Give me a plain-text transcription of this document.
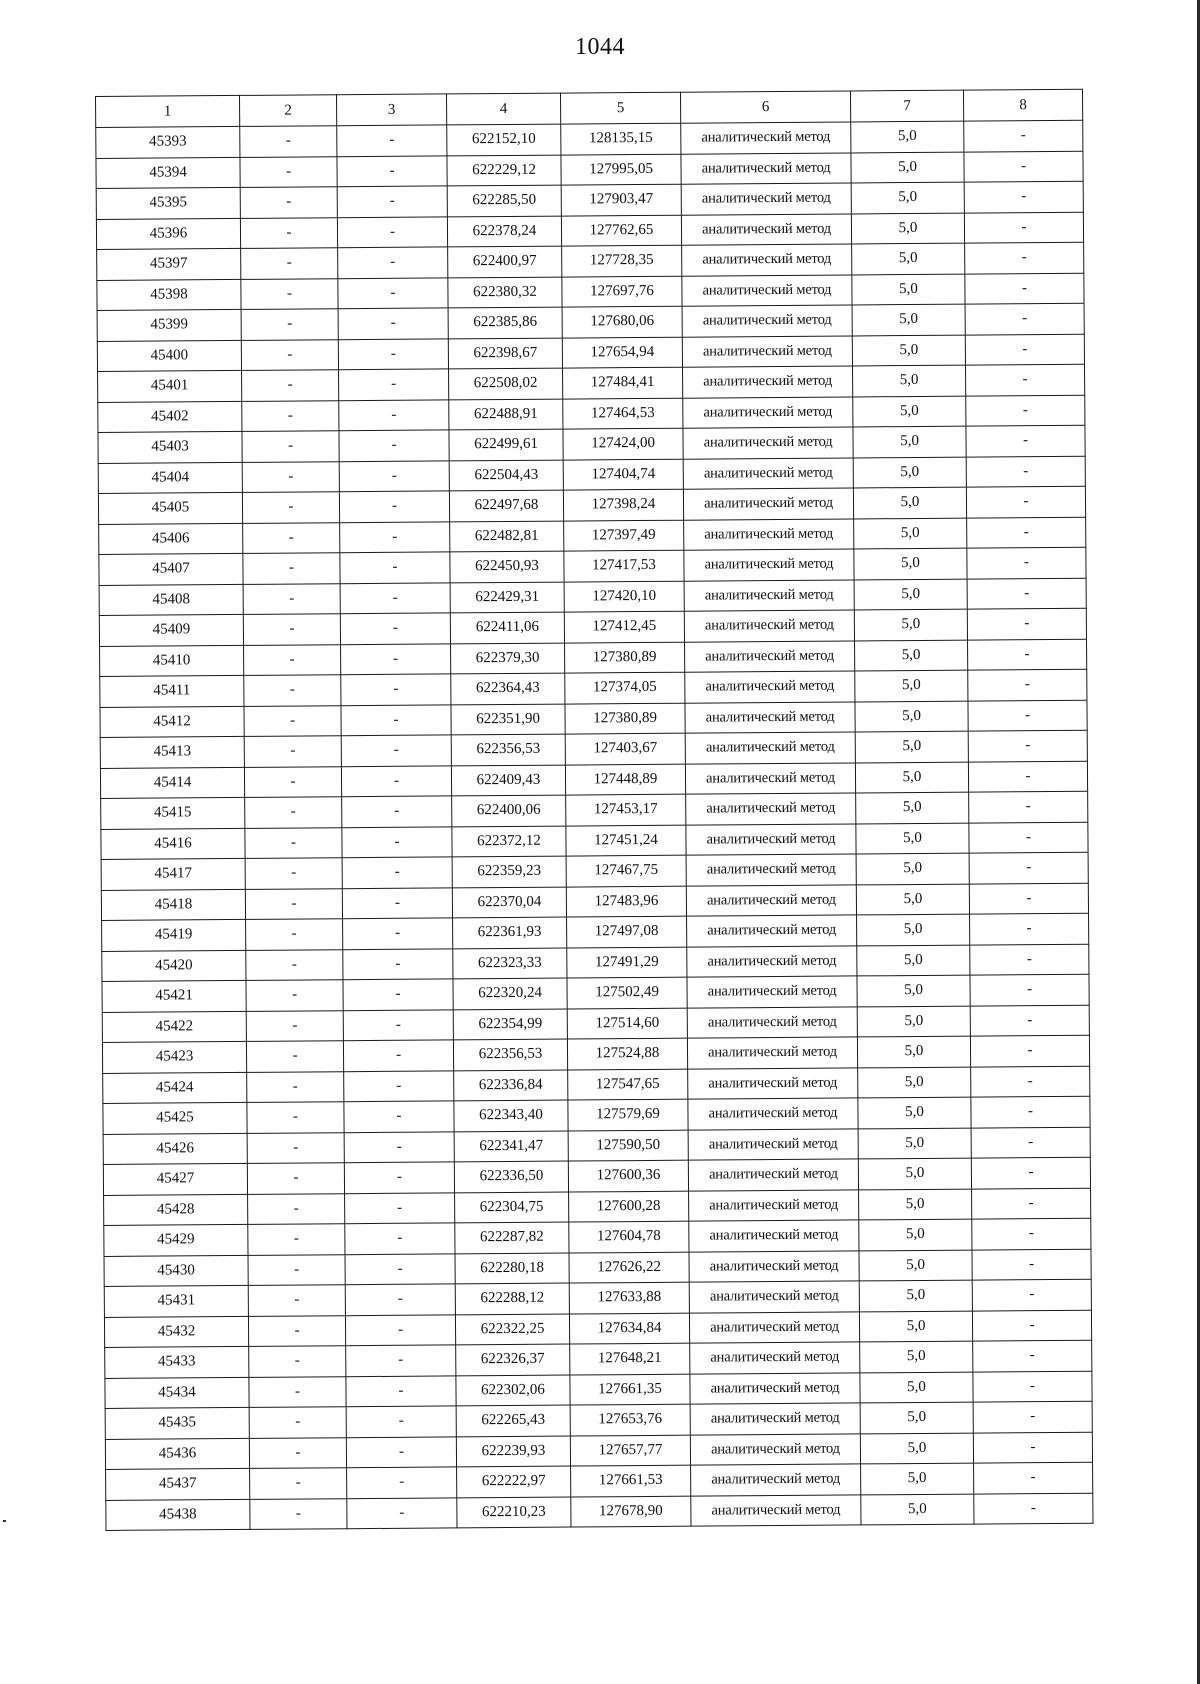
1044
1	2	3	4	5	6	7	8
45393	-	-	622152,10	128135,15	аналитический метод	5,0	-
45394	-	-	622229,12	127995,05	аналитический метод	5,0	-
45395	-	-	622285,50	127903,47	аналитический метод	5,0	-
45396	-	-	622378,24	127762,65	аналитический метод	5,0	-
45397	-	-	622400,97	127728,35	аналитический метод	5,0	-
45398	-	-	622380,32	127697,76	аналитический метод	5,0	-
45399	-	-	622385,86	127680,06	аналитический метод	5,0	-
45400	-	-	622398,67	127654,94	аналитический метод	5,0	-
45401	-	-	622508,02	127484,41	аналитический метод	5,0	-
45402	-	-	622488,91	127464,53	аналитический метод	5,0	-
45403	-	-	622499,61	127424,00	аналитический метод	5,0	-
45404	-	-	622504,43	127404,74	аналитический метод	5,0	-
45405	-	-	622497,68	127398,24	аналитический метод	5,0	-
45406	-	-	622482,81	127397,49	аналитический метод	5,0	-
45407	-	-	622450,93	127417,53	аналитический метод	5,0	-
45408	-	-	622429,31	127420,10	аналитический метод	5,0	-
45409	-	-	622411,06	127412,45	аналитический метод	5,0	-
45410	-	-	622379,30	127380,89	аналитический метод	5,0	-
45411	-	-	622364,43	127374,05	аналитический метод	5,0	-
45412	-	-	622351,90	127380,89	аналитический метод	5,0	-
45413	-	-	622356,53	127403,67	аналитический метод	5,0	-
45414	-	-	622409,43	127448,89	аналитический метод	5,0	-
45415	-	-	622400,06	127453,17	аналитический метод	5,0	-
45416	-	-	622372,12	127451,24	аналитический метод	5,0	-
45417	-	-	622359,23	127467,75	аналитический метод	5,0	-
45418	-	-	622370,04	127483,96	аналитический метод	5,0	-
45419	-	-	622361,93	127497,08	аналитический метод	5,0	-
45420	-	-	622323,33	127491,29	аналитический метод	5,0	-
45421	-	-	622320,24	127502,49	аналитический метод	5,0	-
45422	-	-	622354,99	127514,60	аналитический метод	5,0	-
45423	-	-	622356,53	127524,88	аналитический метод	5,0	-
45424	-	-	622336,84	127547,65	аналитический метод	5,0	-
45425	-	-	622343,40	127579,69	аналитический метод	5,0	-
45426	-	-	622341,47	127590,50	аналитический метод	5,0	-
45427	-	-	622336,50	127600,36	аналитический метод	5,0	-
45428	-	-	622304,75	127600,28	аналитический метод	5,0	-
45429	-	-	622287,82	127604,78	аналитический метод	5,0	-
45430	-	-	622280,18	127626,22	аналитический метод	5,0	-
45431	-	-	622288,12	127633,88	аналитический метод	5,0	-
45432	-	-	622322,25	127634,84	аналитический метод	5,0	-
45433	-	-	622326,37	127648,21	аналитический метод	5,0	-
45434	-	-	622302,06	127661,35	аналитический метод	5,0	-
45435	-	-	622265,43	127653,76	аналитический метод	5,0	-
45436	-	-	622239,93	127657,77	аналитический метод	5,0	-
45437	-	-	622222,97	127661,53	аналитический метод	5,0	-
45438	-	-	622210,23	127678,90	аналитический метод	5,0	-
